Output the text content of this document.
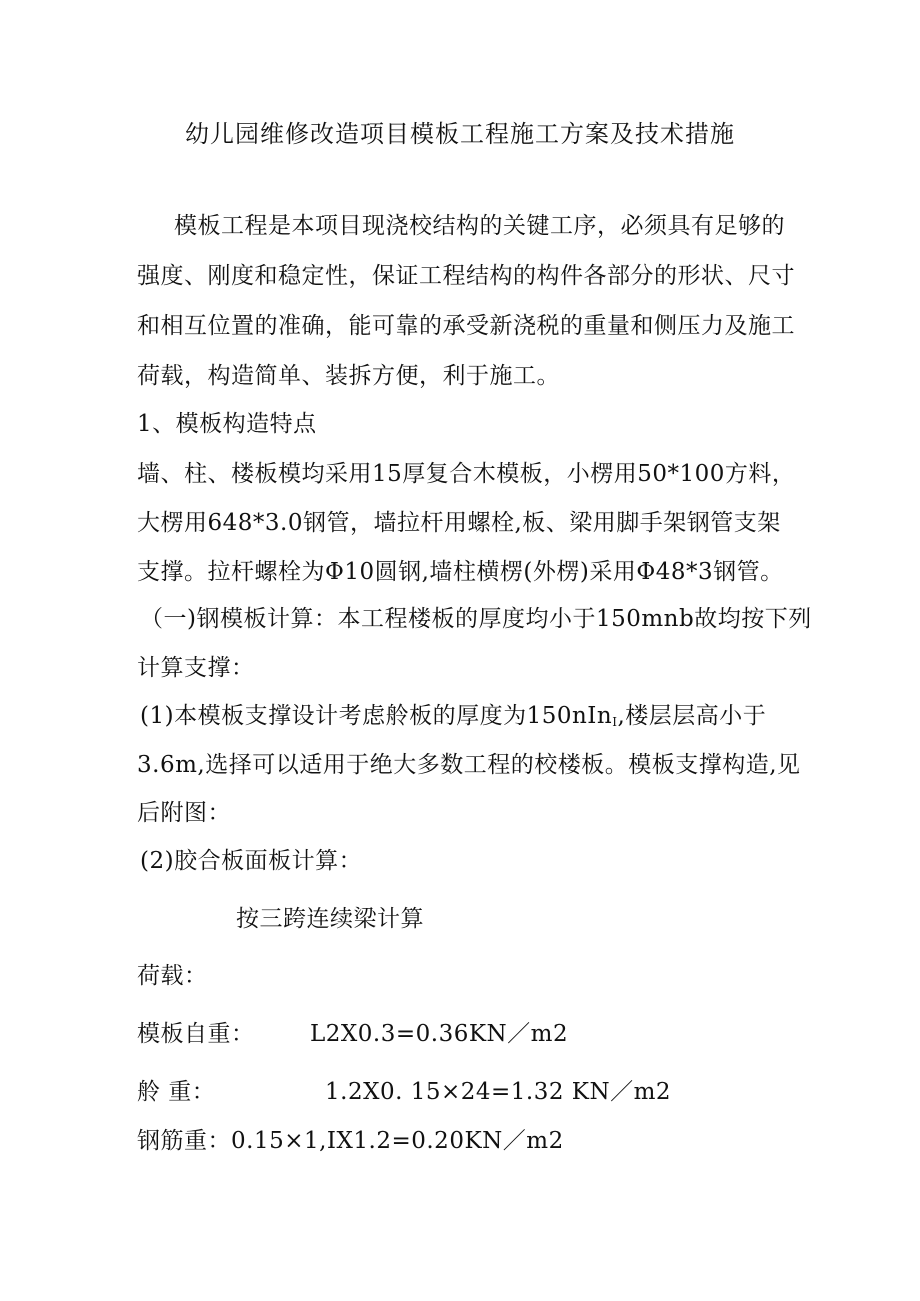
幼儿园维修改造项目模板工程施工方案及技术措施
模板工程是本项目现浇校结构的关键工序，必须具有足够的
强度、刚度和稳定性，保证工程结构的构件各部分的形状、尺寸
和相互位置的准确，能可靠的承受新浇税的重量和侧压力及施工
荷载，构造简单、装拆方便，利于施工。
1、模板构造特点
墙、柱、楼板模均采用15厚复合木模板，小楞用50*100方料，
大楞用648*3.0钢管，墙拉杆用螺栓,板、梁用脚手架钢管支架
支撑。拉杆螺栓为Φ10圆钢,墙柱横楞(外楞)采用Φ48*3钢管。
（一)钢模板计算：本工程楼板的厚度均小于150mnb故均按下列
计算支撑：
(1)本模板支撑设计考虑舲板的厚度为150nIn$_I$,楼层层高小于
3.6m,选择可以适用于绝大多数工程的校楼板。模板支撑构造,见
后附图：
(2)胶合板面板计算：
按三跨连续梁计算
荷载：
模板自重： L2X0.3=0.36KN／m2
舲 重：	1.2X0. 15×24=1.32 KN／m2
钢筋重：0.15×1,IX1.2=0.20KN／m2
